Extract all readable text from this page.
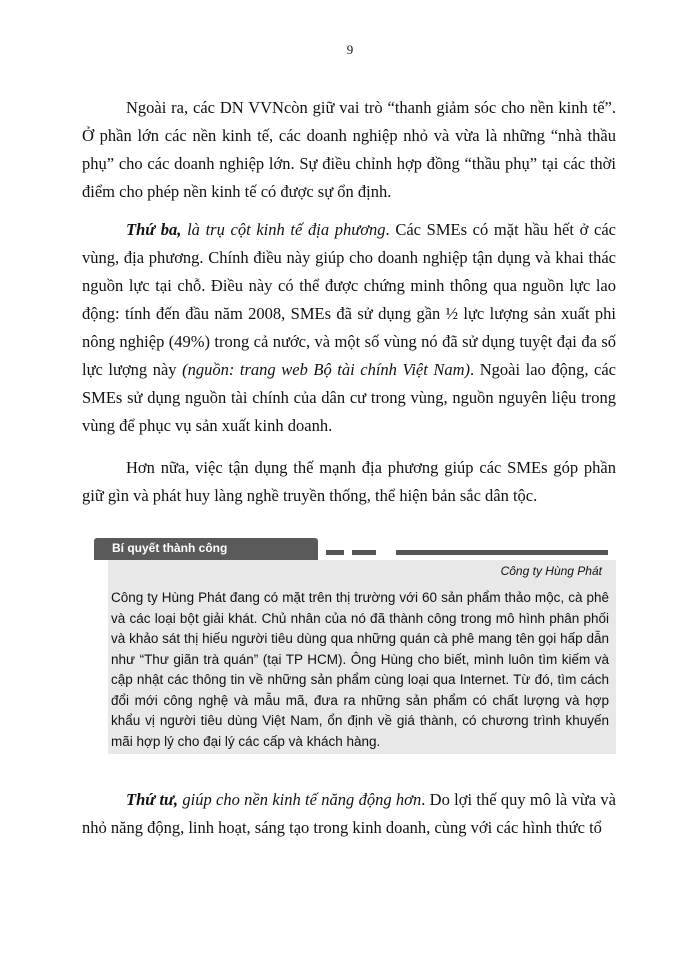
9

Ngoài ra, các DN VVNcòn giữ vai trò “thanh giảm sóc cho nền kinh tế”. Ở phần lớn các nền kinh tế, các doanh nghiệp nhỏ và vừa là những “nhà thầu phụ” cho các doanh nghiệp lớn. Sự điều chỉnh hợp đồng “thầu phụ” tại các thời điểm cho phép nền kinh tế có được sự ổn định.

Thứ ba, là trụ cột kinh tế địa phương. Các SMEs có mặt hầu hết ở các vùng, địa phương. Chính điều này giúp cho doanh nghiệp tận dụng và khai thác nguồn lực tại chỗ. Điều này có thể được chứng minh thông qua nguồn lực lao động: tính đến đầu năm 2008, SMEs đã sử dụng gần ½ lực lượng sản xuất phi nông nghiệp (49%) trong cả nước, và một số vùng nó đã sử dụng tuyệt đại đa số lực lượng này (nguồn: trang web Bộ tài chính Việt Nam). Ngoài lao động, các SMEs sử dụng nguồn tài chính của dân cư trong vùng, nguồn nguyên liệu trong vùng để phục vụ sản xuất kinh doanh.

Hơn nữa, việc tận dụng thế mạnh địa phương giúp các SMEs góp phần giữ gìn và phát huy làng nghề truyền thống, thể hiện bản sắc dân tộc.

Bí quyết thành công
Công ty Hùng Phát

Công ty Hùng Phát đang có mặt trên thị trường với 60 sản phẩm thảo mộc, cà phê và các loại bột giải khát. Chủ nhân của nó đã thành công trong mô hình phân phối và khảo sát thị hiếu người tiêu dùng qua những quán cà phê mang tên gọi hấp dẫn như “Thư giãn trà quán” (tại TP HCM). Ông Hùng cho biết, mình luôn tìm kiếm và cập nhật các thông tin về những sản phẩm cùng loại qua Internet. Từ đó, tìm cách đổi mới công nghệ và mẫu mã, đưa ra những sản phẩm có chất lượng và hợp khẩu vị người tiêu dùng Việt Nam, ổn định về giá thành, có chương trình khuyến mãi hợp lý cho đại lý các cấp và khách hàng.

Thứ tư, giúp cho nền kinh tế năng động hơn. Do lợi thế quy mô là vừa và nhỏ năng động, linh hoạt, sáng tạo trong kinh doanh, cùng với các hình thức tổ
